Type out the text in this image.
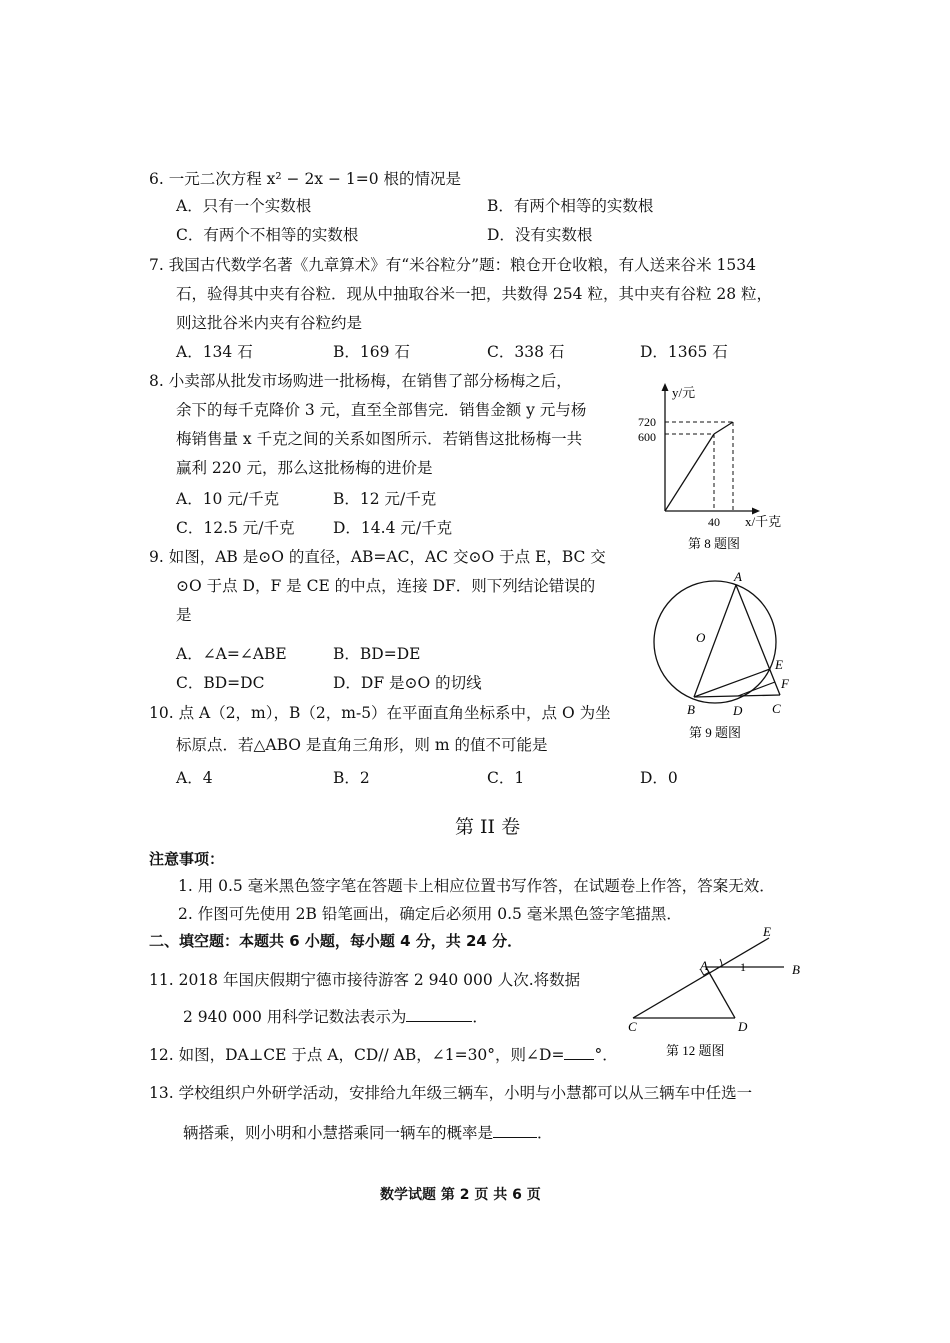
6. 一元二次方程 x² − 2x − 1=0 根的情况是
A．只有一个实数根	B．有两个相等的实数根
C．有两个不相等的实数根	D．没有实数根
7. 我国古代数学名著《九章算术》有“米谷粒分”题：粮仓开仓收粮，有人送来谷米 1534
石，验得其中夹有谷粒．现从中抽取谷米一把，共数得 254 粒，其中夹有谷粒 28 粒，
则这批谷米内夹有谷粒约是
A．134 石	B．169 石	C．338 石	D．1365 石
8. 小卖部从批发市场购进一批杨梅，在销售了部分杨梅之后，
余下的每千克降价 3 元，直至全部售完．销售金额 y 元与杨
梅销售量 x 千克之间的关系如图所示．若销售这批杨梅一共
赢利 220 元，那么这批杨梅的进价是
A．10 元/千克	B．12 元/千克
C．12.5 元/千克 D．14.4 元/千克
y/元
720
600
40 x/千克
第 8 题图
9. 如图，AB 是⊙O 的直径，AB=AC，AC 交⊙O 于点 E，BC 交
⊙O 于点 D，F 是 CE 的中点，连接 DF．则下列结论错误的
是
A．∠A=∠ABE	B．BD=DE
C．BD=DC	D．DF 是⊙O 的切线
A
O
E
F
B	D C
第 9 题图
10. 点 A（2，m），B（2，m-5）在平面直角坐标系中，点 O 为坐
标原点．若△ABO 是直角三角形，则 m 的值不可能是
A．4	B．2	C．1	D．0
第 II 卷
注意事项：
1. 用 0.5 毫米黑色签字笔在答题卡上相应位置书写作答，在试题卷上作答，答案无效．
2. 作图可先使用 2B 铅笔画出，确定后必须用 0.5 毫米黑色签字笔描黑．
二、填空题：本题共 6 小题，每小题 4 分，共 24 分．
11. 2018 年国庆假期宁德市接待游客 2 940 000 人次.将数据
2 940 000 用科学记数法表示为	．
12. 如图，DA⊥CE 于点 A，CD// AB，∠1=30°，则∠D= °．
E
A	1	B
C	D
第 12 题图
13. 学校组织户外研学活动，安排给九年级三辆车，小明与小慧都可以从三辆车中任选一
辆搭乘，则小明和小慧搭乘同一辆车的概率是	．
数学试题 第 2 页 共 6 页
